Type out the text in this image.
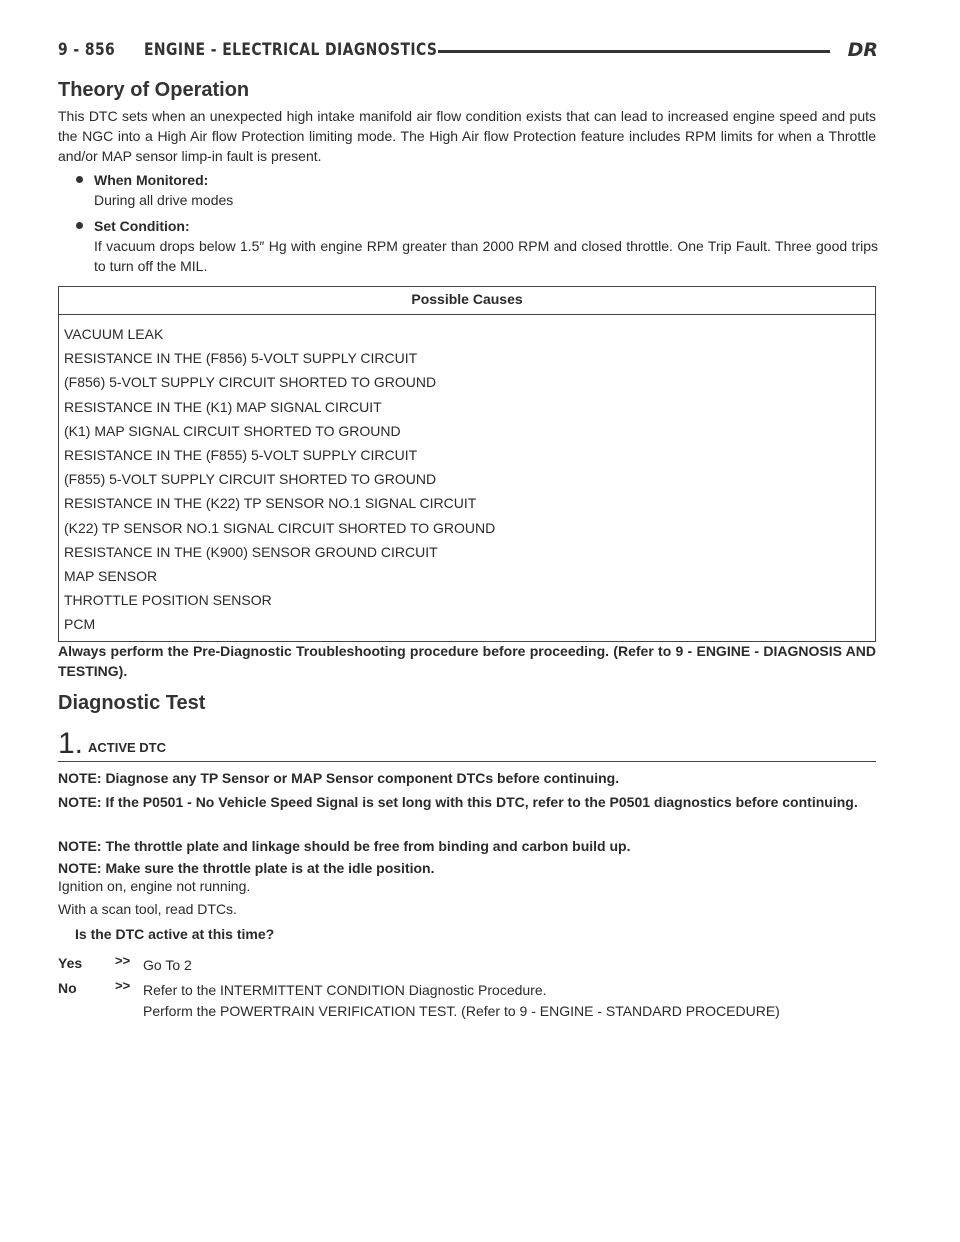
9 - 856 ENGINE - ELECTRICAL DIAGNOSTICS	DR
Theory of Operation
This DTC sets when an unexpected high intake manifold air flow condition exists that can lead to increased engine speed and puts the NGC into a High Air flow Protection limiting mode. The High Air flow Protection feature includes RPM limits for when a Throttle and/or MAP sensor limp-in fault is present.
When Monitored:
During all drive modes
Set Condition:
If vacuum drops below 1.5″ Hg with engine RPM greater than 2000 RPM and closed throttle. One Trip Fault. Three good trips to turn off the MIL.
Possible Causes
VACUUM LEAK
RESISTANCE IN THE (F856) 5-VOLT SUPPLY CIRCUIT
(F856) 5-VOLT SUPPLY CIRCUIT SHORTED TO GROUND
RESISTANCE IN THE (K1) MAP SIGNAL CIRCUIT
(K1) MAP SIGNAL CIRCUIT SHORTED TO GROUND
RESISTANCE IN THE (F855) 5-VOLT SUPPLY CIRCUIT
(F855) 5-VOLT SUPPLY CIRCUIT SHORTED TO GROUND
RESISTANCE IN THE (K22) TP SENSOR NO.1 SIGNAL CIRCUIT
(K22) TP SENSOR NO.1 SIGNAL CIRCUIT SHORTED TO GROUND
RESISTANCE IN THE (K900) SENSOR GROUND CIRCUIT
MAP SENSOR
THROTTLE POSITION SENSOR
PCM
Always perform the Pre-Diagnostic Troubleshooting procedure before proceeding. (Refer to 9 - ENGINE - DIAGNOSIS AND TESTING).
Diagnostic Test
1. ACTIVE DTC
NOTE: Diagnose any TP Sensor or MAP Sensor component DTCs before continuing.
NOTE: If the P0501 - No Vehicle Speed Signal is set long with this DTC, refer to the P0501 diagnostics before continuing.
NOTE: The throttle plate and linkage should be free from binding and carbon build up.
NOTE: Make sure the throttle plate is at the idle position.
Ignition on, engine not running.
With a scan tool, read DTCs.
Is the DTC active at this time?
Yes	>> Go To 2
No	>> Refer to the INTERMITTENT CONDITION Diagnostic Procedure.
Perform the POWERTRAIN VERIFICATION TEST. (Refer to 9 - ENGINE - STANDARD PROCEDURE)
